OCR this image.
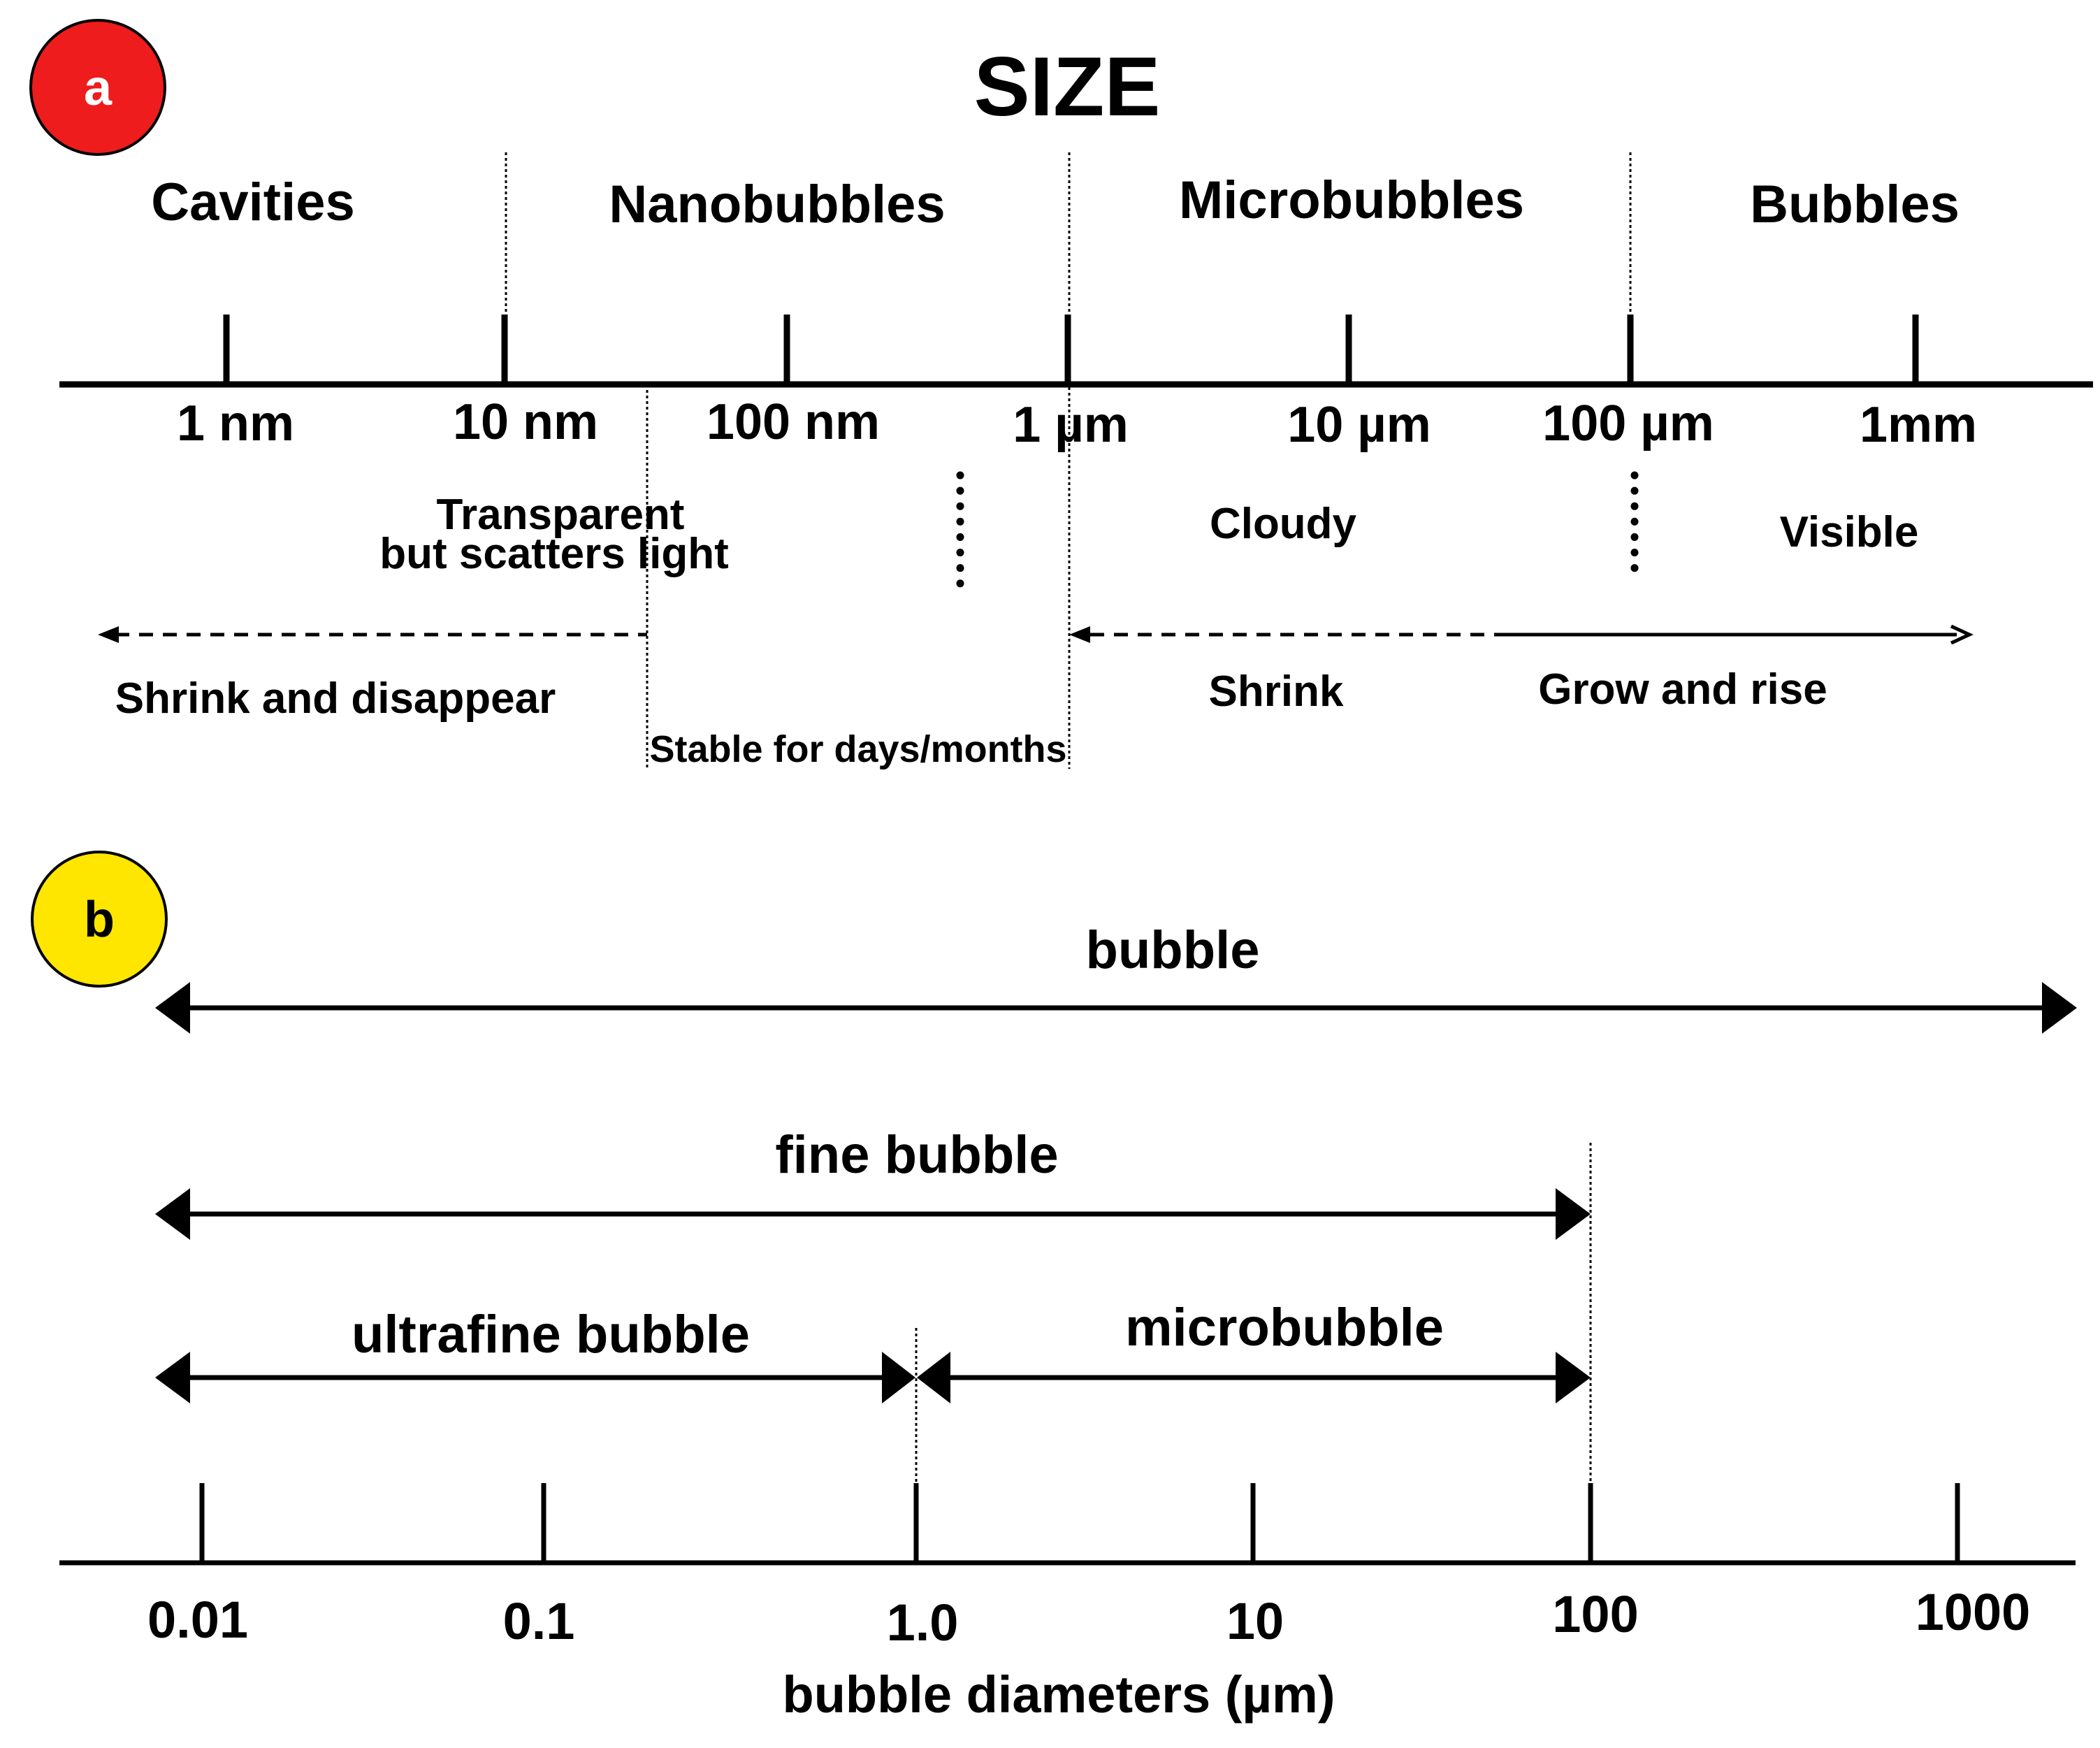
a	SIZE
Cavities	Nanobubbles	Microbubbles	Bubbles
1 nm	10 nm 100 nm	1 µm	10 µm 100 µm	1mm
Transparent
but scatters light
Cloudy	Visible
Shrink and disappear
Stable for days/months
Shrink	Grow and rise
b
bubble
fine bubble
ultrafine bubble	microbubble
0.01	0.1	1.0	10	100	1000
bubble diameters (µm)
